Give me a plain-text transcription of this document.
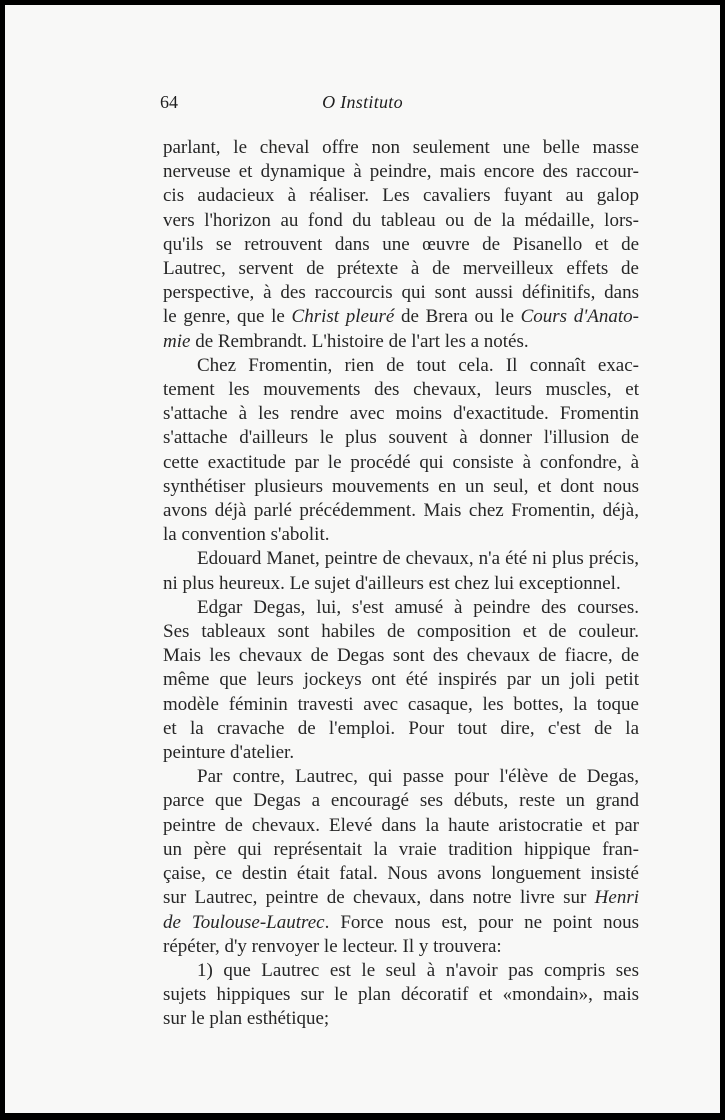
64	O Instituto

parlant, le cheval offre non seulement une belle masse

nerveuse et dynamique à peindre, mais encore des raccour-

cis audacieux à réaliser. Les cavaliers fuyant au galop

vers l'horizon au fond du tableau ou de la médaille, lors-

qu'ils se retrouvent dans une œuvre de Pisanello et de

Lautrec, servent de prétexte à de merveilleux effets de

perspective, à des raccourcis qui sont aussi définitifs, dans

le genre, que le Christ pleuré de Brera ou le Cours d'Anato-

mie de Rembrandt. L'histoire de l'art les a notés.

Chez Fromentin, rien de tout cela. Il connaît exac-

tement les mouvements des chevaux, leurs muscles, et

s'attache à les rendre avec moins d'exactitude. Fromentin

s'attache d'ailleurs le plus souvent à donner l'illusion de

cette exactitude par le procédé qui consiste à confondre, à

synthétiser plusieurs mouvements en un seul, et dont nous

avons déjà parlé précédemment. Mais chez Fromentin, déjà,

la convention s'abolit.

Edouard Manet, peintre de chevaux, n'a été ni plus précis,

ni plus heureux. Le sujet d'ailleurs est chez lui exceptionnel.

Edgar Degas, lui, s'est amusé à peindre des courses.

Ses tableaux sont habiles de composition et de couleur.

Mais les chevaux de Degas sont des chevaux de fiacre, de

même que leurs jockeys ont été inspirés par un joli petit

modèle féminin travesti avec casaque, les bottes, la toque

et la cravache de l'emploi. Pour tout dire, c'est de la

peinture d'atelier.

Par contre, Lautrec, qui passe pour l'élève de Degas,

parce que Degas a encouragé ses débuts, reste un grand

peintre de chevaux. Elevé dans la haute aristocratie et par

un père qui représentait la vraie tradition hippique fran-

çaise, ce destin était fatal. Nous avons longuement insisté

sur Lautrec, peintre de chevaux, dans notre livre sur Henri

de Toulouse-Lautrec. Force nous est, pour ne point nous

répéter, d'y renvoyer le lecteur. Il y trouvera:

1) que Lautrec est le seul à n'avoir pas compris ses

sujets hippiques sur le plan décoratif et «mondain», mais

sur le plan esthétique;
